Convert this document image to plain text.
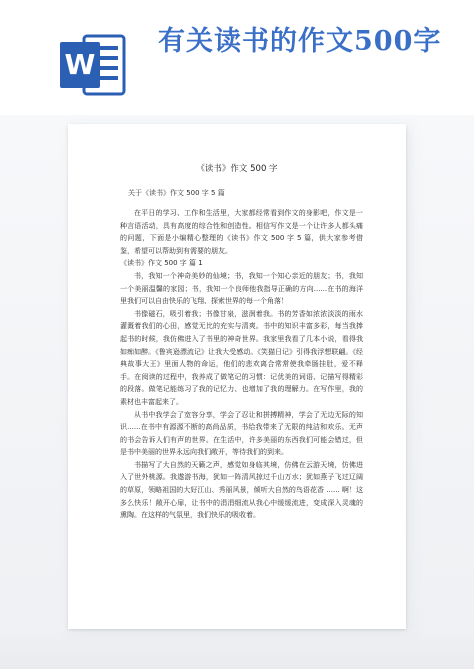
W
有关读书的作文500字
《读书》作文 500 字
关于《读书》作文 500 字 5 篇

在平日的学习、工作和生活里，大家都经常看到作文的身影吧，作文是一种言语活动，具有高度的综合性和创造性。相信写作文是一个让许多人都头痛的问题，下面是小编精心整理的《读书》作文 500 字 5 篇，供大家参考借鉴，希望可以帮助到有需要的朋友。

《读书》作文 500 字 篇 1

书，我知一个神奇美妙的仙境；书，我知一个知心亲近的朋友；书，我知一个美丽温馨的家园；书，我知一个良师他我指导正确的方向......在书的海洋里我们可以自由快乐的飞翔、探索世界的每一个角落！

书像磁石，吸引着我；书像甘泉，滋润着我。书的芳香如浓浓淡淡的雨水灌溉着我们的心田，感觉无比的充实与清爽。书中的知识丰富多彩，每当我捧起书的时候，我仿佛进入了书里的神奇世界。我家里我看了几本小说，看得我如痴如醉。《鲁宾逊漂流记》让我大受感动。《笑猫日记》引得我浮想联翩。《经典故事大王》里面人物的命运，他们的悲欢离合常常使我牵肠挂肚，爱不释手。在阅读的过程中，我养成了做笔记的习惯：记优美的词语、记描写得精彩的段落。做笔记能练习了我的记忆力、也增加了我的理解力。在写作里，我的素材也丰富起来了。

从书中我学会了宽容分享，学会了忍让和拼搏精神，学会了无边无际的知识......在书中有源源不断的高尚品质，书给我带来了无限的纯洁和欢乐。无声的书会告诉人们有声的世界。在生活中，许多美丽的东西我们可能会错过，但是书中美丽的世界永远向我们敞开，等待我们的到来。

书描写了大自然的天籁之声，感觉如身临其境，仿佛在云游天境，仿佛进入了世外桃源。我遨游书海，犹如一阵清风掠过千山万水；犹如燕子飞过辽阔的草原，领略祖国的大好江山、秀丽风景，倾听大自然的鸟语花香 ...... 啊！这多么快乐！敞开心扉，让书中的涓涓细流从我心中缓缓流进，变成深入灵魂的熏陶。在这样的气氛里，我们快乐的吸收着。
